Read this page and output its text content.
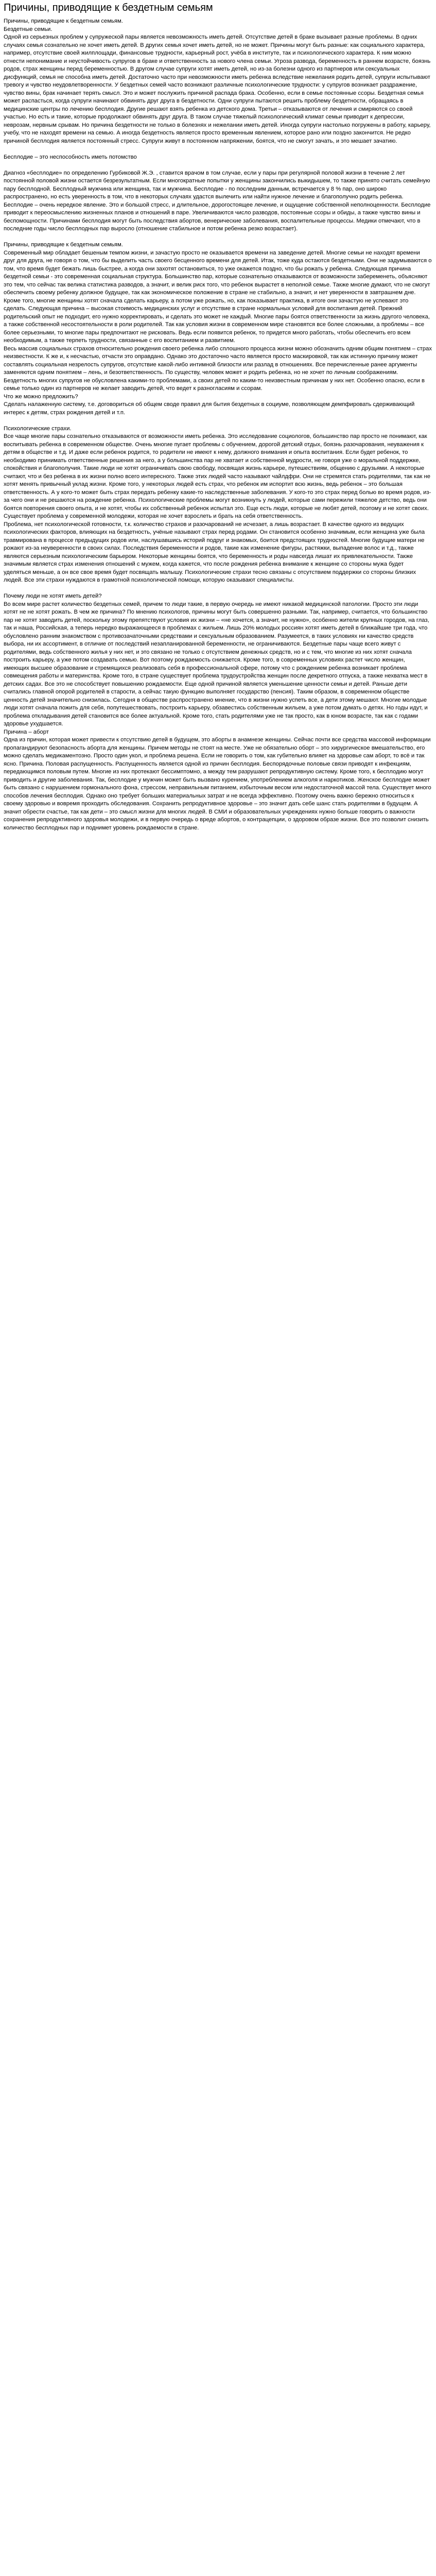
Причины, приводящие к бездетным семьям
Причины, приводящие к бездетным семьям.
Бездетные семьи.
Одной из серьезных проблем у супружеской пары является невозможность иметь детей. Отсутствие детей в браке вызывает разные проблемы. В одних случаях семья сознательно не хочет иметь детей. В других семья хочет иметь детей, но не может. Причины могут быть разные: как социального характера, например, отсутствие своей жилплощади, финансовые трудности, карьерный рост, учёба в институте, так и психологического характера. К ним можно отнести непонимание и неустойчивость супругов в браке и ответственность за нового члена семьи. Угроза развода, беременность в раннем возрасте, боязнь родов, страх женщины перед беременностью. В другом случае супруги хотят иметь детей, но из-за болезни одного из партнеров или сексуальных дисфункций, семья не способна иметь детей. Достаточно часто при невозможности иметь ребенка вследствие нежелания родить детей, супруги испытывают тревогу и чувство неудовлетворенности. У бездетных семей часто возникают различные психологические трудности: у супругов возникает раздражение, чувство вины, брак начинает терять смысл. Это и может послужить причиной распада брака. Особенно, если в семье постоянные ссоры. Бездетная семья может распасться, когда супруги начинают обвинять друг друга в бездетности. Одни супруги пытаются решить проблему бездетности, обращаясь в медицинские центры по лечению бесплодия. Другие решают взять ребенка из детского дома. Третьи – отказываются от лечения и смиряются со своей участью. Но есть и такие, которые продолжают обвинять друг друга. В таком случае тяжелый психологический климат семьи приводит к депрессии, неврозам, нервным срывам. Но причина бездетности не только в болезнях и нежелании иметь детей. Иногда супруги настолько погружены в работу, карьеру, учебу, что не находят времени на семью. А иногда бездетность является просто временным явлением, которое рано или поздно закончится. Не редко причиной бесплодия является постоянный стресс. Супруги живут в постоянном напряжении, боятся, что не смогут зачать, и это мешает зачатию.

Бесплодие – это неспособность иметь потомство

Диагноз «бесплодие» по определению Гурбиковой Ж.Э. , ставится врачом в том случае, если у пары при регулярной половой жизни в течение 2 лет постоянной половой жизни остается безрезультатным. Если многократные попытки у женщины закончились выкидышем, то также принято считать семейную пару бесплодной. Бесплодный мужчина или женщина, так и мужчина. Бесплодие - по последним данным, встречается у 8 % пар, оно широко распространено, но есть уверенность в том, что в некоторых случаях удастся вылечить или найти нужное лечение и благополучно родить ребенка. Бесплодие – очень нередкое явление. Это и большой стресс, и длительное, дорогостоящее лечение, и ощущение собственной неполноценности. Бесплодие приводит к переосмыслению жизненных планов и отношений в паре. Увеличиваются число разводов, постоянные ссоры и обиды, а также чувство вины и беспомощности. Причинами бесплодия могут быть последствия абортов, венерические заболевания, воспалительные процессы. Медики отмечают, что в последние годы число бесплодных пар выросло (отношение стабильное и потом ребенка резко возрастает).

Причины, приводящие к бездетным семьям.
Современный мир обладает бешеным темпом жизни, и зачастую просто не оказывается времени на заведение детей. Многие семьи не находят времени друг для друга, не говоря о том, что бы выделить часть своего бесценного времени для детей. Итак, тоже куда остаются бездетными. Они не задумываются о том, что время будет бежать лишь быстрее, а когда они захотят остановиться, то уже окажется поздно, что бы рожать у ребенка. Следующая причина бездетной семьи - это современная социальная структура. Большинство пар, которые сознательно отказываются от возможности забеременеть, объясняют это тем, что сейчас так велика статистика разводов, а значит, и велик риск того, что ребенок вырастет в неполной семье. Также многие думают, что не смогут обеспечить своему ребенку должное будущее, так как экономическое положение в стране не стабильно, а значит, и нет уверенности в завтрашнем дне. Кроме того, многие женщины хотят сначала сделать карьеру, а потом уже рожать, но, как показывает практика, в итоге они зачастую не успевают это сделать. Следующая причина – высокая стоимость медицинских услуг и отсутствие в стране нормальных условий для воспитания детей. Прежний родительский опыт не подходит, его нужно корректировать, и сделать это может не каждый. Многие пары боятся ответственности за жизнь другого человека, а также собственной несостоятельности в роли родителей. Так как условия жизни в современном мире становятся все более сложными, а проблемы – все более серьезными, то многие пары предпочитают не рисковать. Ведь если появится ребенок, то придется много работать, чтобы обеспечить его всем необходимым, а также терпеть трудности, связанные с его воспитанием и развитием.
Весь массив социальных страхов относительно рождения своего ребенка либо сплошного процесса жизни можно обозначить одним общим понятием – страх неизвестности. К же и, к несчастью, отчасти это оправдано. Однако это достаточно часто является просто маскировкой, так как истинную причину может составлять социальная незрелость супругов, отсутствие какой-либо интимной близости или разлад в отношениях. Все перечисленные ранее аргументы заменяются одним понятием – лень, и безответственность. По существу, человек может и родить ребенка, но не хочет по личным соображениям. Бездетность многих супругов не обусловлена какими-то проблемами, а своих детей по каким-то неизвестным причинам у них нет. Особенно опасно, если в семье только один из партнеров не желает заводить детей, что ведет к разногласиям и ссорам.
Что же можно предложить?
Сделать налаженную систему, т.е. договориться об общем своде правил для бытия бездетных в социуме, позволяющем демпфировать сдерживающий интерес к детям, страх рождения детей и т.п.

Психологические страхи.
Все чаще многие пары сознательно отказываются от возможности иметь ребенка. Это исследование социологов, большинство пар просто не понимают, как воспитывать ребенка в современном обществе. Очень многие пугает проблемы с обучением, дорогой детский отдых, боязнь разочарования, неуважения к детям в обществе и т.д. И даже если ребенок родится, то родители не имеют к нему, должного внимания и опыта воспитания. Если будет ребенок, то необходимо принимать ответственные решения за него, а у большинства пар не хватает и собственной мудрости, не говоря уже о моральной поддержке, спокойствия и благополучия. Такие люди не хотят ограничивать свою свободу, посвящая жизнь карьере, путешествиям, общению с друзьями. А некоторые считают, что и без ребенка в их жизни полно всего интересного. Также этих людей часто называют чайлдфри. Они не стремятся стать родителями, так как не хотят менять привычный уклад жизни. Кроме того, у некоторых людей есть страх, что ребенок им испортит всю жизнь, ведь ребенок – это большая ответственность. А у кого-то может быть страх передать ребенку какие-то наследственные заболевания. У кого-то это страх перед болью во время родов, из-за чего они и не решаются на рождение ребенка. Психологические проблемы могут возникнуть у людей, которые сами пережили тяжелое детство, ведь они боятся повторения своего опыта, и не хотят, чтобы их собственный ребенок испытал это. Еще есть люди, которые не любят детей, поэтому и не хотят своих. Существует проблема у современной молодежи, которая не хочет взрослеть и брать на себя ответственность.
Проблема, нет психологической готовности, т.к. количество страхов и разочарований не исчезает, а лишь возрастает. В качестве одного из ведущих психологических факторов, влияющих на бездетность, учёные называют страх перед родами. Он становится особенно значимым, если женщина уже была травмирована в процессе предыдущих родов или, наслушавшись историй подруг и знакомых, боится предстоящих трудностей. Многие будущие матери не рожают из-за неуверенности в своих силах. Последствия беременности и родов, такие как изменение фигуры, растяжки, выпадение волос и т.д., также являются серьезным психологическим барьером. Некоторые женщины боятся, что беременность и роды навсегда лишат их привлекательности. Также значимым является страх изменения отношений с мужем, когда кажется, что после рождения ребенка внимание к женщине со стороны мужа будет уделяться меньше, а он все свое время будет посвящать малышу. Психологические страхи тесно связаны с отсутствием поддержки со стороны близких людей. Все эти страхи нуждаются в грамотной психологической помощи, которую оказывают специалисты.

Почему люди не хотят иметь детей?
Во всем мире растет количество бездетных семей, причем то люди такие, в первую очередь не имеют никакой медицинской патологии. Просто эти люди хотят не не хотят рожать. В чем же причина? По мнению психологов, причины могут быть совершенно разными. Так, например, считается, что большинство пар не хотят заводить детей, поскольку этому препятствуют условия их жизни – «не хочется, а значит, не нужно», особенно жители крупных городов, на глаз, так и наша, Российская, а теперь нередко выражающееся в проблемах с жильем. Лишь 20% молодых россиян хотят иметь детей в ближайшие три года, что обусловлено ранним знакомством с противозачаточными средствами и сексуальным образованием. Разумеется, в таких условиях ни качество средств выбора, ни их ассортимент, в отличие от последствий незапланированной беременности, не ограничиваются. Бездетные пары чаще всего живут с родителями, ведь собственного жилья у них нет, и это связано не только с отсутствием денежных средств, но и с тем, что многие из них хотят сначала построить карьеру, а уже потом создавать семью. Вот поэтому рождаемость снижается. Кроме того, в современных условиях растет число женщин, имеющих высшее образование и стремящихся реализовать себя в профессиональной сфере, потому что с рождением ребенка возникает проблема совмещения работы и материнства. Кроме того, в стране существует проблема трудоустройства женщин после декретного отпуска, а также нехватка мест в детских садах. Все это не способствует повышению рождаемости. Еще одной причиной является уменьшение ценности семьи и детей. Раньше дети считались главной опорой родителей в старости, а сейчас такую функцию выполняет государство (пенсия). Таким образом, в современном обществе ценность детей значительно снизилась. Сегодня в обществе распространено мнение, что в жизни нужно успеть все, а дети этому мешают. Многие молодые люди хотят сначала пожить для себя, попутешествовать, построить карьеру, обзавестись собственным жильем, а уже потом думать о детях. Но годы идут, и проблема откладывания детей становится все более актуальной. Кроме того, стать родителями уже не так просто, как в юном возрасте, так как с годами здоровье ухудшается.
Причина – аборт
Одна из причин, которая может привести к отсутствию детей в будущем, это аборты в анамнезе женщины. Сейчас почти все средства массовой информации пропагандируют безопасность аборта для женщины. Причем методы не стоят на месте. Уже не обязательно оборт – это хирургическое вмешательство, его можно сделать медикаментозно. Просто один укол, и проблема решена. Если не говорить о том, как губительно влияет на здоровье сам аборт, то всё и так ясно. Причина. Половая распущенность. Распущенность является одной из причин бесплодия. Беспорядочные половые связи приводят к инфекциям, передающимся половым путем. Многие из них протекают бессимптомно, а между тем разрушают репродуктивную систему. Кроме того, к бесплодию могут приводить и другие заболевания. Так, бесплодие у мужчин может быть вызвано курением, употреблением алкоголя и наркотиков. Женское бесплодие может быть связано с нарушением гормонального фона, стрессом, неправильным питанием, избыточным весом или недостаточной массой тела. Существует много способов лечения бесплодия. Однако оно требует больших материальных затрат и не всегда эффективно. Поэтому очень важно бережно относиться к своему здоровью и вовремя проходить обследования. Сохранить репродуктивное здоровье – это значит дать себе шанс стать родителями в будущем. А значит обрести счастье, так как дети – это смысл жизни для многих людей. В СМИ и образовательных учреждениях нужно больше говорить о важности сохранения репродуктивного здоровья молодежи, и в первую очередь о вреде абортов, о контрацепции, о здоровом образе жизни. Все это позволит снизить количество бесплодных пар и поднимет уровень рождаемости в стране.
